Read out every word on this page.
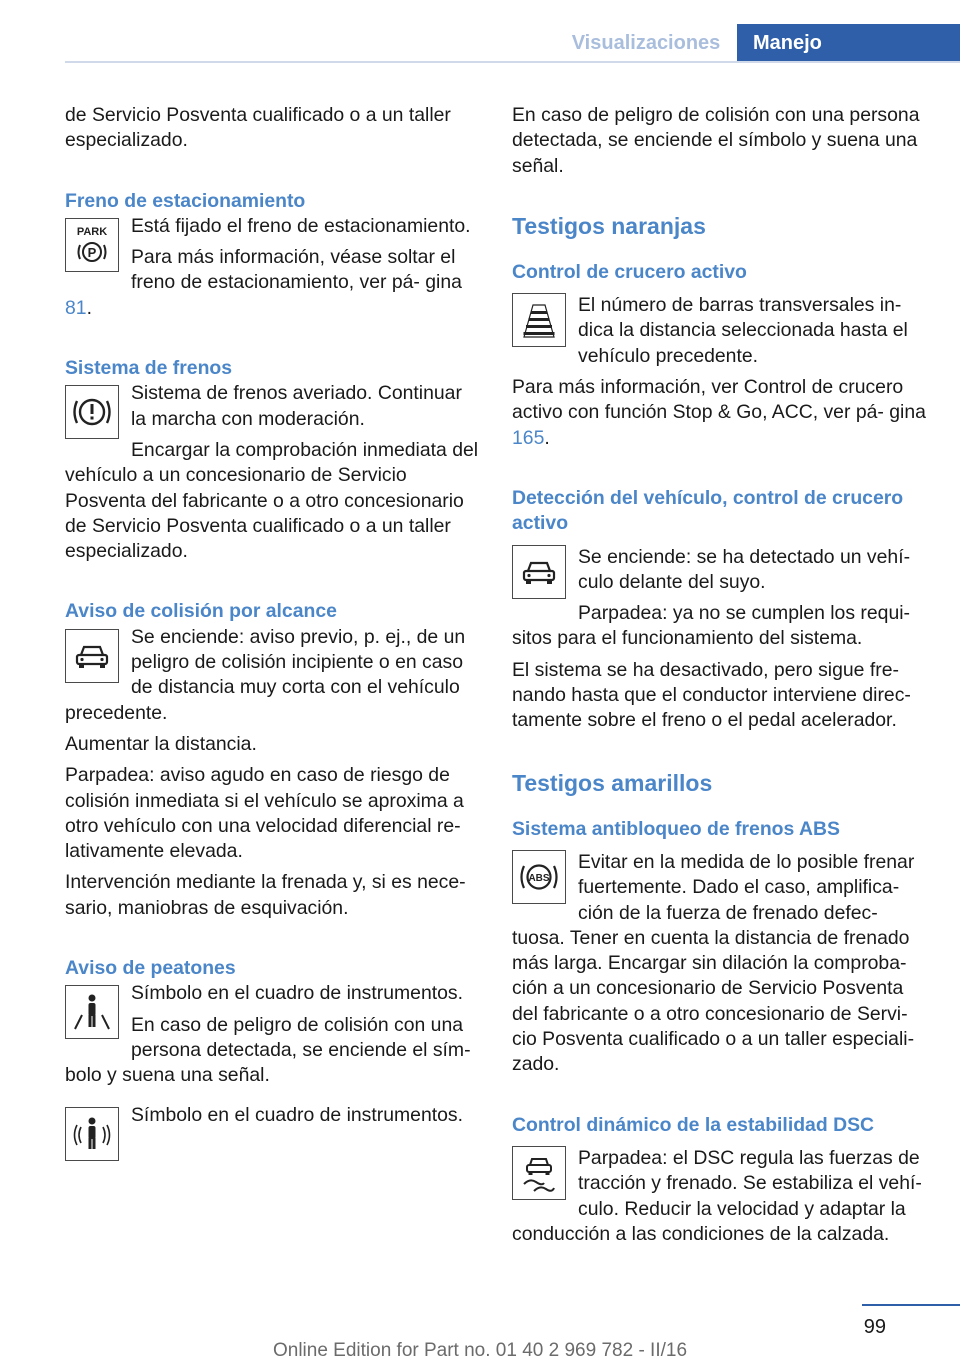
Visualizaciones	Manejo

de Servicio Posventa cualificado o a un taller especializado.

Freno de estacionamiento

PARK
P

Está fijado el freno de estacionamiento.

Para más información, véase soltar el freno de estacionamiento, ver pá‐ gina 81.

Sistema de frenos

Sistema de frenos averiado. Continuar la marcha con moderación.

Encargar la comprobación inmediata del vehículo a un concesionario de Servicio Posventa del fabricante o a otro concesionario de Servicio Posventa cualificado o a un taller especializado.

Aviso de colisión por alcance

Se enciende: aviso previo, p. ej., de un peligro de colisión incipiente o en caso de distancia muy corta con el vehículo precedente.

Aumentar la distancia.

Parpadea: aviso agudo en caso de riesgo de colisión inmediata si el vehículo se aproxima a otro vehículo con una velocidad diferencial re‐ lativamente elevada.

Intervención mediante la frenada y, si es nece‐ sario, maniobras de esquivación.

Aviso de peatones

Símbolo en el cuadro de instrumentos.

En caso de peligro de colisión con una persona detectada, se enciende el sím‐ bolo y suena una señal.

Símbolo en el cuadro de instrumentos.

En caso de peligro de colisión con una persona detectada, se enciende el símbolo y suena una señal.

Testigos naranjas

Control de crucero activo

El número de barras transversales in‐ dica la distancia seleccionada hasta el vehículo precedente.

Para más información, ver Control de crucero activo con función Stop & Go, ACC, ver pá‐ gina 165.

Detección del vehículo, control de crucero activo

Se enciende: se ha detectado un vehí‐ culo delante del suyo.

Parpadea: ya no se cumplen los requi‐ sitos para el funcionamiento del sistema.

El sistema se ha desactivado, pero sigue fre‐ nando hasta que el conductor interviene direc‐ tamente sobre el freno o el pedal acelerador.

Testigos amarillos

Sistema antibloqueo de frenos ABS

ABS

Evitar en la medida de lo posible frenar fuertemente. Dado el caso, amplifica‐ ción de la fuerza de frenado defec‐ tuosa. Tener en cuenta la distancia de frenado más larga. Encargar sin dilación la comproba‐ ción a un concesionario de Servicio Posventa del fabricante o a otro concesionario de Servi‐ cio Posventa cualificado o a un taller especiali‐ zado.

Control dinámico de la estabilidad DSC

Parpadea: el DSC regula las fuerzas de tracción y frenado. Se estabiliza el vehí‐ culo. Reducir la velocidad y adaptar la conducción a las condiciones de la calzada.

99
Online Edition for Part no. 01 40 2 969 782 - II/16
